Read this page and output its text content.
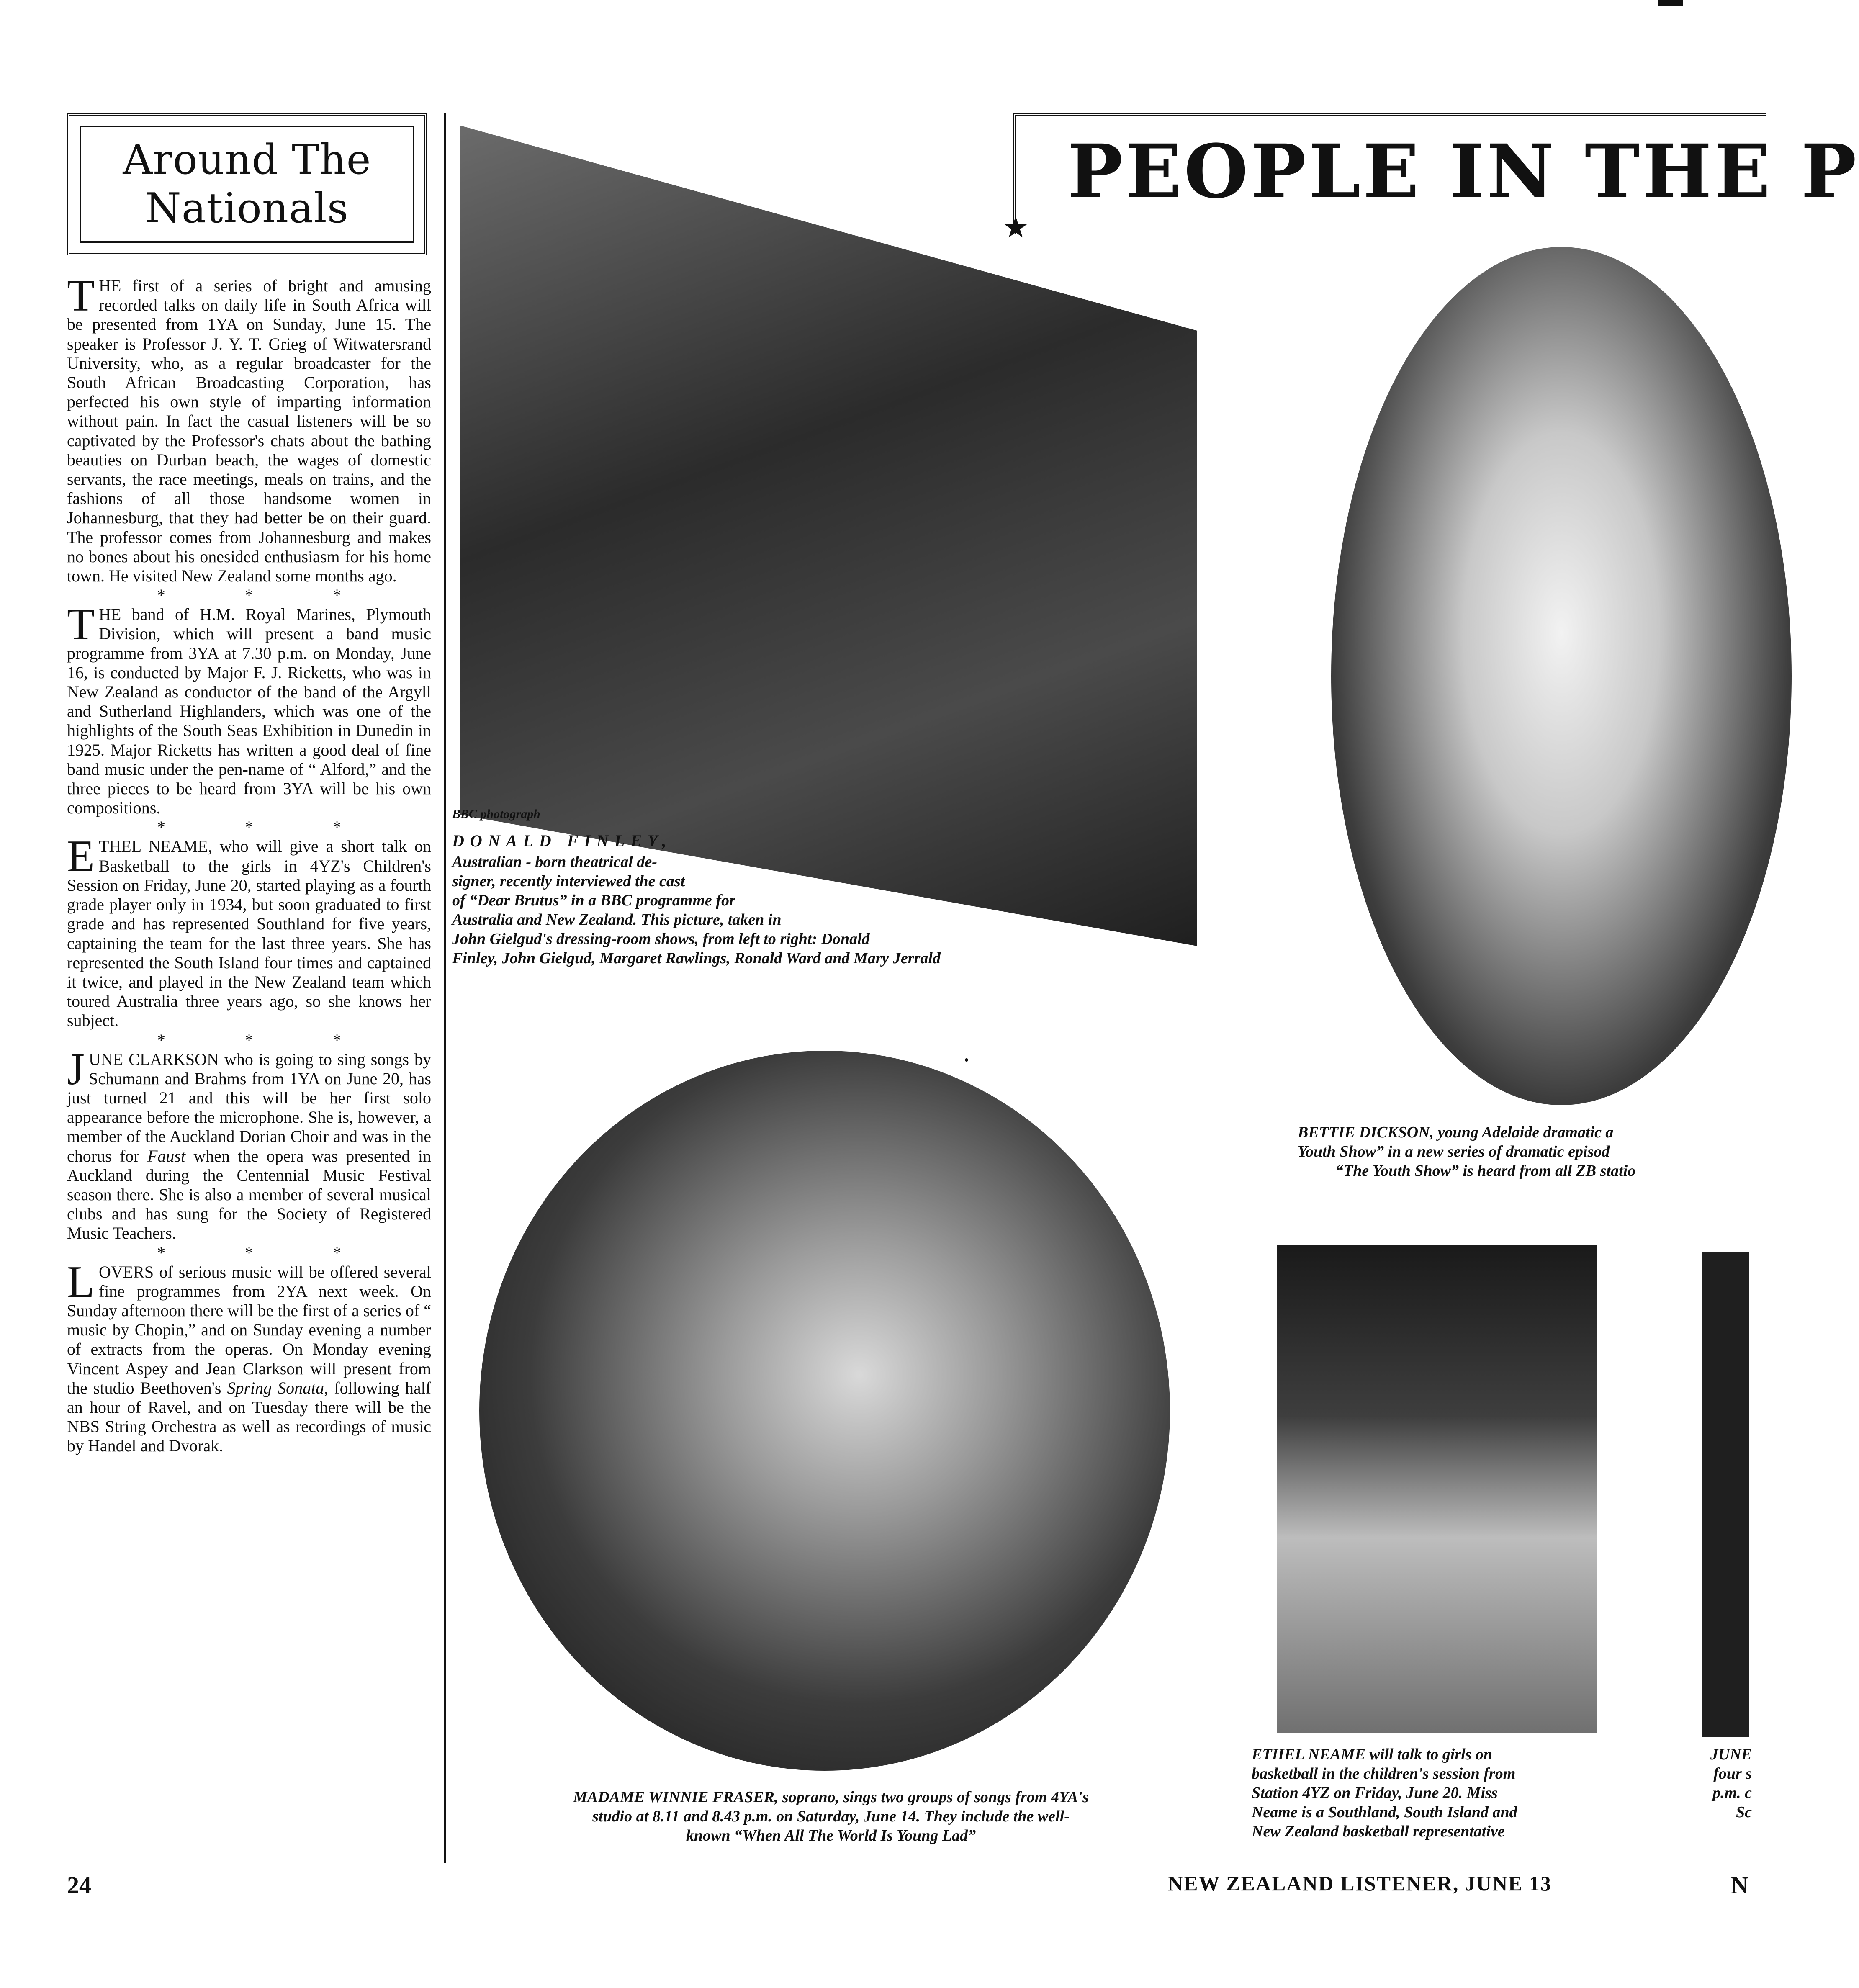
Around The
Nationals

T HE first of a series of bright and amusing recorded talks on daily life in South Africa will be presented from 1YA on Sunday, June 15. The speaker is Professor J. Y. T. Grieg of Witwatersrand University, who, as a regular broadcaster for the South African Broadcasting Corporation, has perfected his own style of imparting information without pain. In fact the casual listeners will be so captivated by the Professor's chats about the bathing beauties on Durban beach, the wages of domestic servants, the race meetings, meals on trains, and the fashions of all those handsome women in Johannesburg, that they had better be on their guard. The professor comes from Johannesburg and makes no bones about his onesided enthusiasm for his home town. He visited New Zealand some months ago.

* * *

T HE band of H.M. Royal Marines, Plymouth Division, which will present a band music programme from 3YA at 7.30 p.m. on Monday, June 16, is conducted by Major F. J. Ricketts, who was in New Zealand as conductor of the band of the Argyll and Sutherland Highlanders, which was one of the highlights of the South Seas Exhibition in Dunedin in 1925. Major Ricketts has written a good deal of fine band music under the pen-name of “ Alford,” and the three pieces to be heard from 3YA will be his own compositions.

* * *

E THEL NEAME, who will give a short talk on Basketball to the girls in 4YZ's Children's Session on Friday, June 20, started playing as a fourth grade player only in 1934, but soon graduated to first grade and has represented Southland for five years, captaining the team for the last three years. She has represented the South Island four times and captained it twice, and played in the New Zealand team which toured Australia three years ago, so she knows her subject.

* * *

J UNE CLARKSON who is going to sing songs by Schumann and Brahms from 1YA on June 20, has just turned 21 and this will be her first solo appearance before the microphone. She is, however, a member of the Auckland Dorian Choir and was in the chorus for Faust when the opera was presented in Auckland during the Centennial Music Festival season there. She is also a member of several musical clubs and has sung for the Society of Registered Music Teachers.

* * *

L OVERS of serious music will be offered several fine programmes from 2YA next week. On Sunday afternoon there will be the first of a series of “ music by Chopin,” and on Sunday evening a number of extracts from the operas. On Monday evening Vincent Aspey and Jean Clarkson will present from the studio Beethoven's Spring Sonata, following half an hour of Ravel, and on Tuesday there will be the NBS String Orchestra as well as recordings of music by Handel and Dvorak.

PEOPLE IN THE P
★
BBC photograph
DONALD FINLEY,

Australian - born theatrical de-

signer, recently interviewed the cast

of “Dear Brutus” in a BBC programme for

Australia and New Zealand. This picture, taken in

John Gielgud's dressing-room shows, from left to right: Donald

Finley, John Gielgud, Margaret Rawlings, Ronald Ward and Mary Jerrald

MADAME WINNIE FRASER, soprano, sings two groups of songs from 4YA's

studio at 8.11 and 8.43 p.m. on Saturday, June 14. They include the well-

known “When All The World Is Young Lad”

BETTIE DICKSON, young Adelaide dramatic a

Youth Show” in a new series of dramatic episod

“The Youth Show” is heard from all ZB statio

ETHEL NEAME will talk to girls on

basketball in the children's session from

Station 4YZ on Friday, June 20. Miss

Neame is a Southland, South Island and

New Zealand basketball representative

JUNE

four s

p.m. c

Sc

24	NEW ZEALAND LISTENER, JUNE 13	N
